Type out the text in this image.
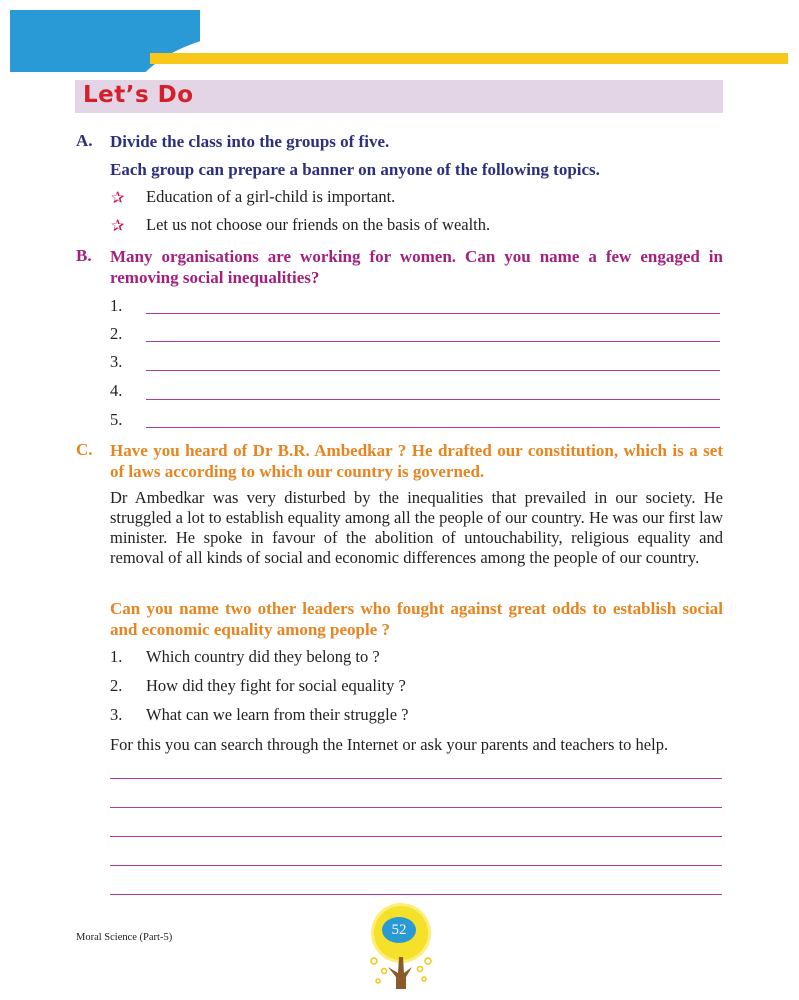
Let’s Do
A. Divide the class into the groups of five.
Each group can prepare a banner on anyone of the following topics.
✰ Education of a girl-child is important.
✰ Let us not choose our friends on the basis of wealth.
B. Many organisations are working for women. Can you name a few engaged in removing social inequalities?
1.
2.
3.
4.
5.
C. Have you heard of Dr B.R. Ambedkar ? He drafted our constitution, which is a set of laws according to which our country is governed.
Dr Ambedkar was very disturbed by the inequalities that prevailed in our society. He struggled a lot to establish equality among all the people of our country. He was our first law minister. He spoke in favour of the abolition of untouchability, religious equality and removal of all kinds of social and economic differences among the people of our country.
Can you name two other leaders who fought against great odds to establish social and economic equality among people ?
1. Which country did they belong to ?
2. How did they fight for social equality ?
3. What can we learn from their struggle ?
For this you can search through the Internet or ask your parents and teachers to help.
Moral Science (Part-5)	52
